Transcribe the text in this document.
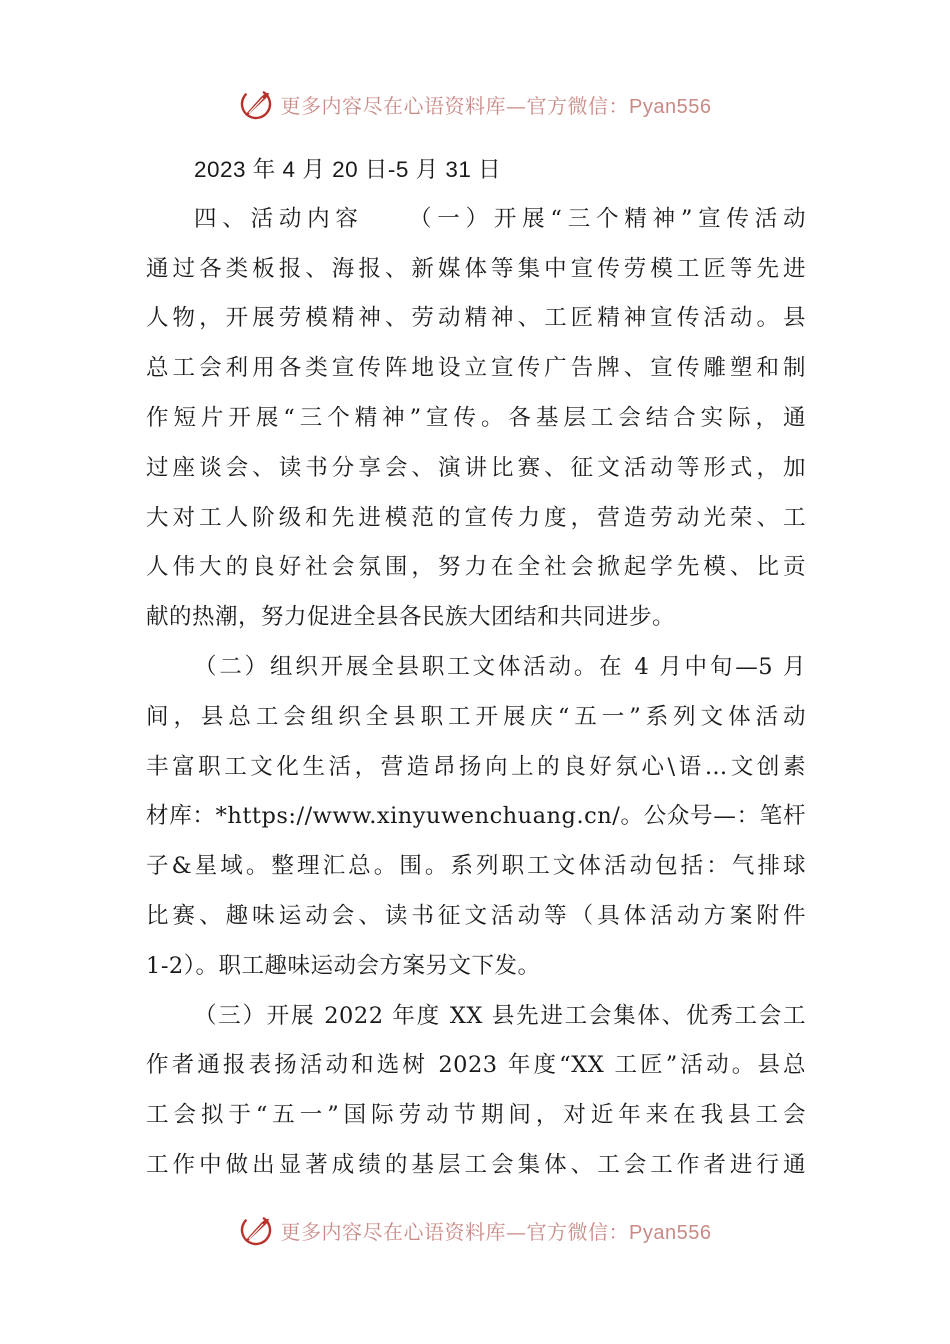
更多内容尽在心语资料库—官方微信：Pyan556
2023 年 4 月 20 日-5 月 31 日
四、活动内容　　（一）开展“三个精神”宣传活动
通过各类板报、海报、新媒体等集中宣传劳模工匠等先进
人物，开展劳模精神、劳动精神、工匠精神宣传活动。县
总工会利用各类宣传阵地设立宣传广告牌、宣传雕塑和制
作短片开展“三个精神”宣传。各基层工会结合实际，通
过座谈会、读书分享会、演讲比赛、征文活动等形式，加
大对工人阶级和先进模范的宣传力度，营造劳动光荣、工
人伟大的良好社会氛围，努力在全社会掀起学先模、比贡
献的热潮，努力促进全县各民族大团结和共同进步。
（二）组织开展全县职工文体活动。在 4 月中旬—5 月
间，县总工会组织全县职工开展庆“五一”系列文体活动
丰富职工文化生活，营造昂扬向上的良好氛心\语…文创素
材库：*https://www.xinyuwenchuang.cn/。公众号—：笔杆
子&星域。整理汇总。围。系列职工文体活动包括：气排球
比赛、趣味运动会、读书征文活动等（具体活动方案附件
1-2）。职工趣味运动会方案另文下发。
（三）开展 2022 年度 XX 县先进工会集体、优秀工会工
作者通报表扬活动和选树 2023 年度“XX 工匠”活动。县总
工会拟于“五一”国际劳动节期间，对近年来在我县工会
工作中做出显著成绩的基层工会集体、工会工作者进行通
更多内容尽在心语资料库—官方微信：Pyan556
